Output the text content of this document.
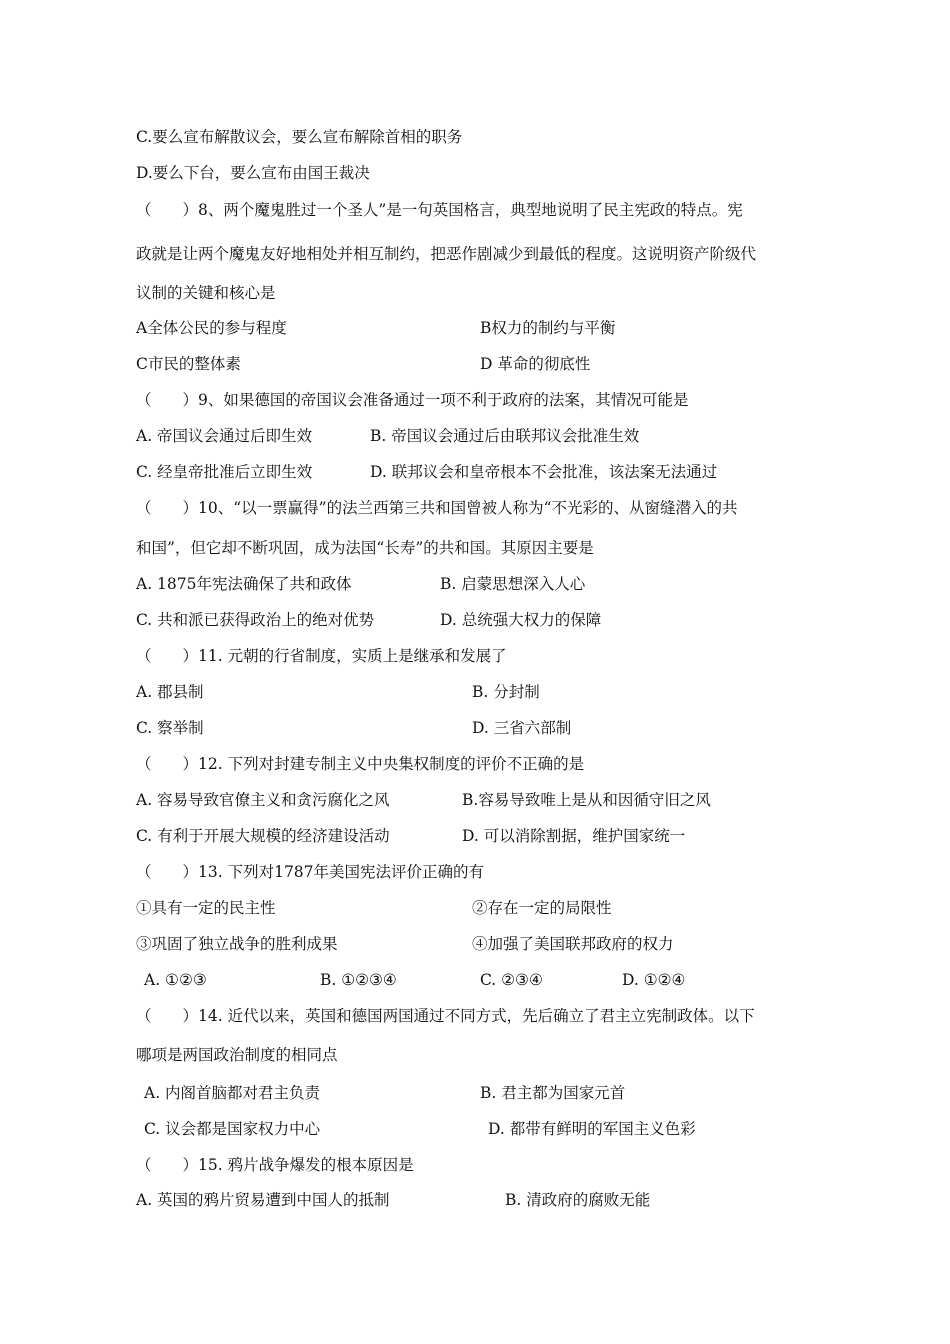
C.要么宣布解散议会，要么宣布解除首相的职务
D.要么下台，要么宣布由国王裁决
（　　）8、两个魔鬼胜过一个圣人”是一句英国格言，典型地说明了民主宪政的特点。宪
政就是让两个魔鬼友好地相处并相互制约，把恶作剧减少到最低的程度。这说明资产阶级代
议制的关键和核心是
A全体公民的参与程度	B权力的制约与平衡
C市民的整体素	D 革命的彻底性
（　　）9、如果德国的帝国议会准备通过一项不利于政府的法案，其情况可能是
A. 帝国议会通过后即生效	B. 帝国议会通过后由联邦议会批准生效
C. 经皇帝批准后立即生效	D. 联邦议会和皇帝根本不会批准，该法案无法通过
（　　）10、“以一票赢得”的法兰西第三共和国曾被人称为“不光彩的、从窗缝潜入的共
和国”，但它却不断巩固，成为法国“长寿”的共和国。其原因主要是
A. 1875年宪法确保了共和政体	B. 启蒙思想深入人心
C. 共和派已获得政治上的绝对优势	D. 总统强大权力的保障
（　　）11. 元朝的行省制度，实质上是继承和发展了
A. 郡县制	B. 分封制
C. 察举制	D. 三省六部制
（　　）12. 下列对封建专制主义中央集权制度的评价不正确的是
A. 容易导致官僚主义和贪污腐化之风	B.容易导致唯上是从和因循守旧之风
C. 有利于开展大规模的经济建设活动	D. 可以消除割据，维护国家统一
（　　）13. 下列对1787年美国宪法评价正确的有
①具有一定的民主性	②存在一定的局限性
③巩固了独立战争的胜利成果	④加强了美国联邦政府的权力
A. ①②③	B. ①②③④	C. ②③④	D. ①②④
（　　）14. 近代以来，英国和德国两国通过不同方式，先后确立了君主立宪制政体。以下
哪项是两国政治制度的相同点
A. 内阁首脑都对君主负责	B. 君主都为国家元首
C. 议会都是国家权力中心	D. 都带有鲜明的军国主义色彩
（　　）15. 鸦片战争爆发的根本原因是
A. 英国的鸦片贸易遭到中国人的抵制	B. 清政府的腐败无能
